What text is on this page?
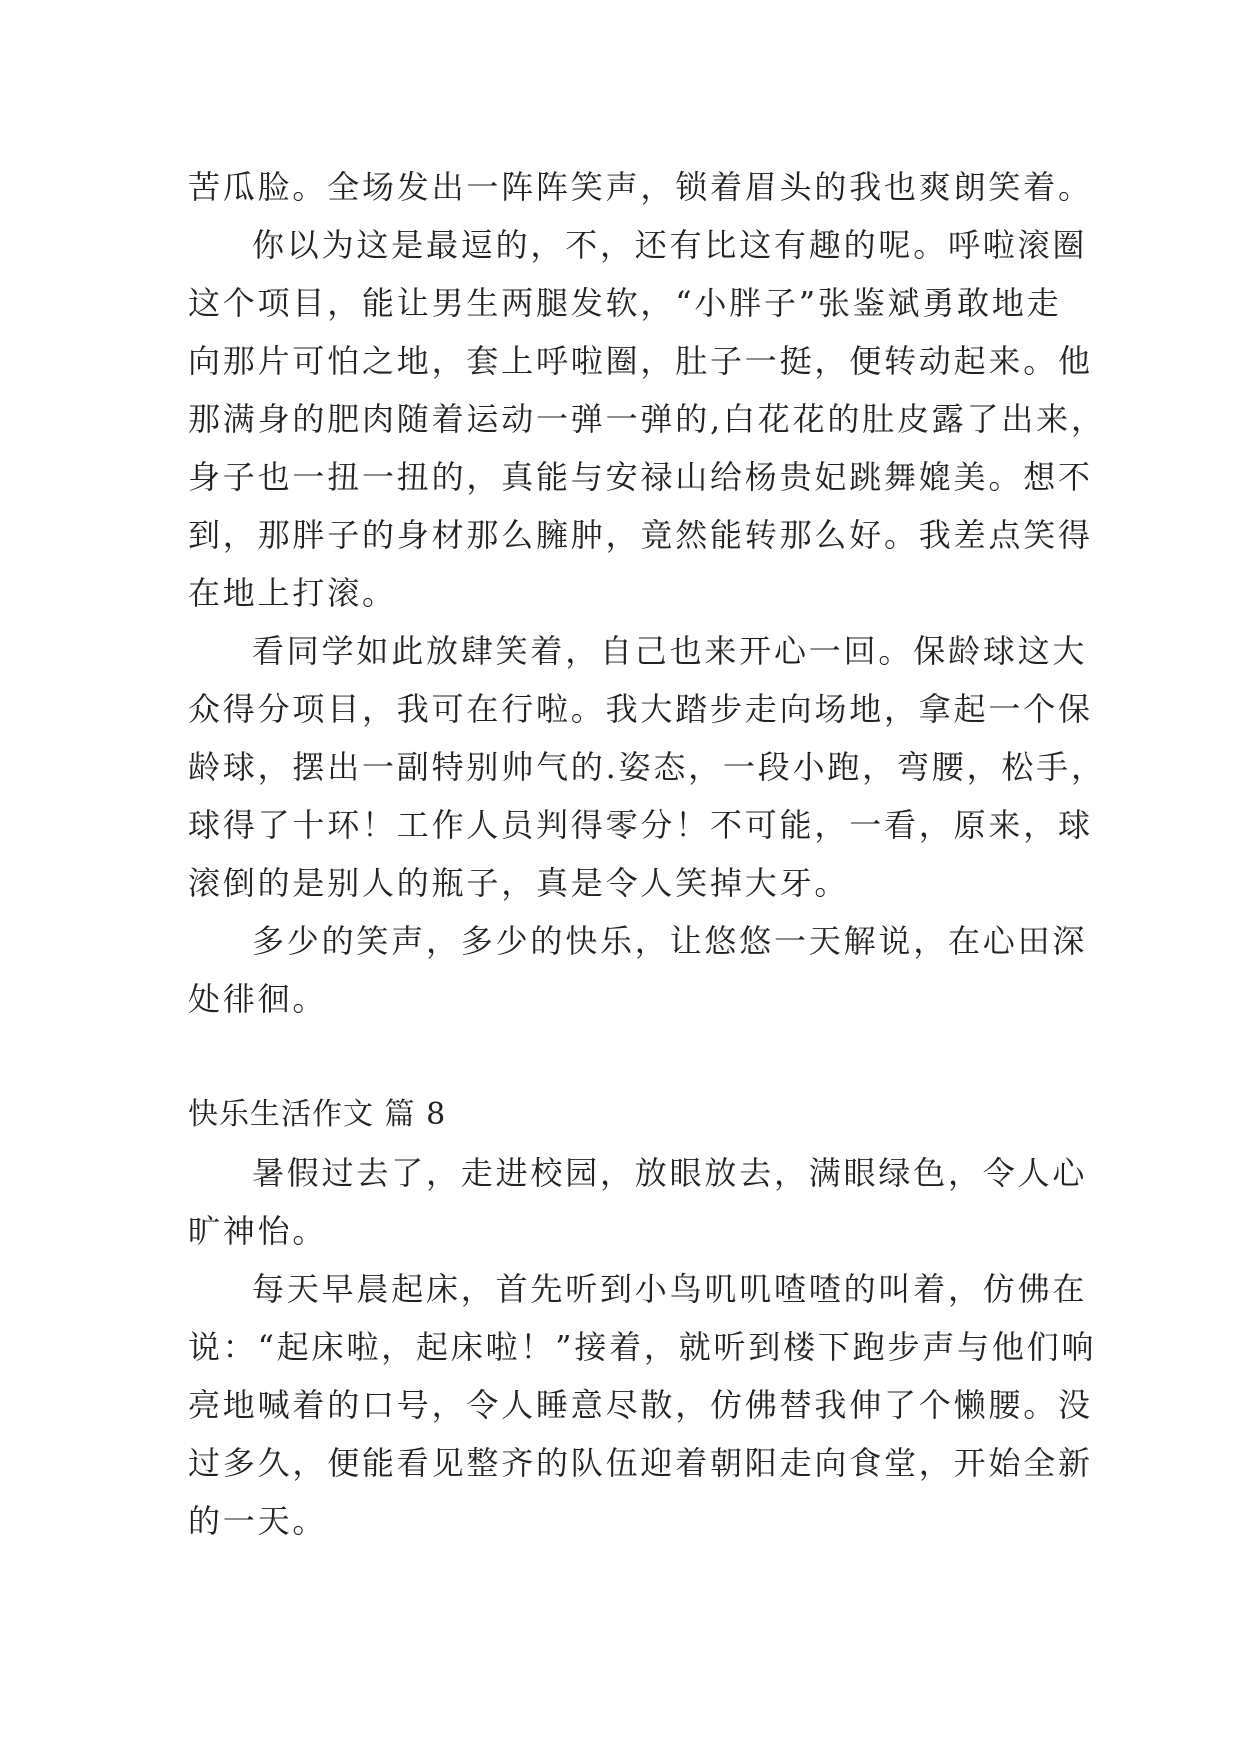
苦瓜脸。全场发出一阵阵笑声，锁着眉头的我也爽朗笑着。
你以为这是最逗的，不，还有比这有趣的呢。呼啦滚圈
这个项目，能让男生两腿发软，“小胖子”张鉴斌勇敢地走
向那片可怕之地，套上呼啦圈，肚子一挺，便转动起来。他
那满身的肥肉随着运动一弹一弹的,白花花的肚皮露了出来，
身子也一扭一扭的，真能与安禄山给杨贵妃跳舞媲美。想不
到，那胖子的身材那么臃肿，竟然能转那么好。我差点笑得
在地上打滚。
看同学如此放肆笑着，自己也来开心一回。保龄球这大
众得分项目，我可在行啦。我大踏步走向场地，拿起一个保
龄球，摆出一副特别帅气的.姿态，一段小跑，弯腰，松手，
球得了十环！工作人员判得零分！不可能，一看，原来，球
滚倒的是别人的瓶子，真是令人笑掉大牙。
多少的笑声，多少的快乐，让悠悠一天解说，在心田深
处徘徊。
快乐生活作文 篇 8
暑假过去了，走进校园，放眼放去，满眼绿色，令人心
旷神怡。
每天早晨起床，首先听到小鸟叽叽喳喳的叫着，仿佛在
说：“起床啦，起床啦！”接着，就听到楼下跑步声与他们响
亮地喊着的口号，令人睡意尽散，仿佛替我伸了个懒腰。没
过多久，便能看见整齐的队伍迎着朝阳走向食堂，开始全新
的一天。
